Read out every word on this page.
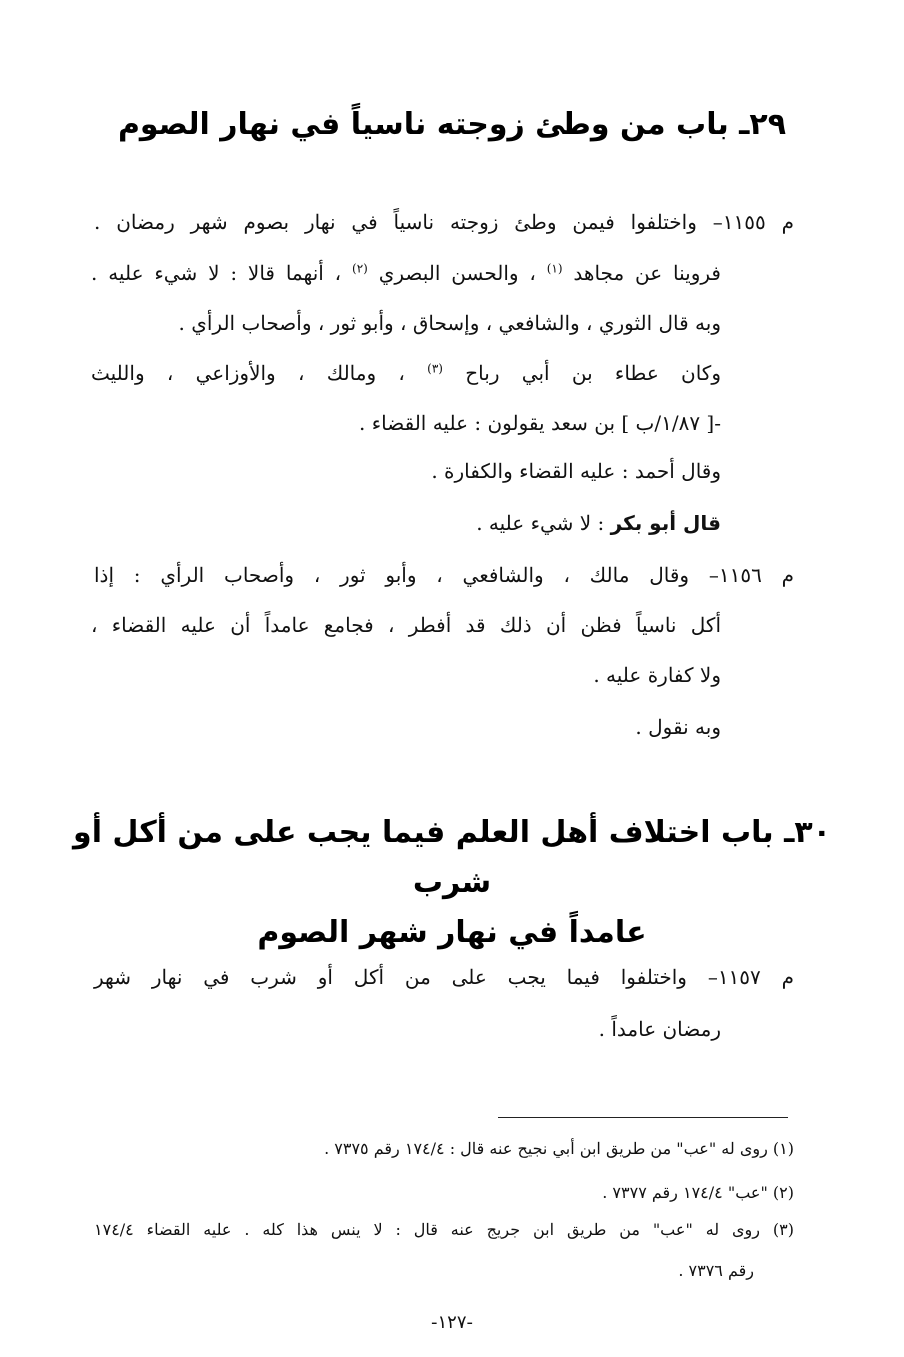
٢٩ـ باب من وطئ زوجته ناسياً في نهار الصوم
م ١١٥٥– واختلفوا فيمن وطئ زوجته ناسياً في نهار بصوم شهر رمضان .
فروينا عن مجاهد $^{(١)}$ ، والحسن البصري $^{(٢)}$ ، أنهما قالا : لا شيء عليه .
وبه قال الثوري ، والشافعي ، وإسحاق ، وأبو ثور ، وأصحاب الرأي .
وكان عطاء بن أبي رباح $^{(٣)}$ ، ومالك ، والأوزاعي ، والليث
-[ ١/٨٧/ب ] بن سعد يقولون : عليه القضاء .
وقال أحمد : عليه القضاء والكفارة .
قال أبو بكر : لا شيء عليه .
م ١١٥٦– وقال مالك ، والشافعي ، وأبو ثور ، وأصحاب الرأي : إذا
أكل ناسياً فظن أن ذلك قد أفطر ، فجامع عامداً أن عليه القضاء ،
ولا كفارة عليه .
وبه نقول .
٣٠ـ باب اختلاف أهل العلم فيما يجب على من أكل أو شرب
عامداً في نهار شهر الصوم
م ١١٥٧– واختلفوا فيما يجب على من أكل أو شرب في نهار شهر
رمضان عامداً .
(١) روى له "عب" من طريق ابن أبي نجيح عنه قال : ١٧٤/٤ رقم ٧٣٧٥ .
(٢) "عب" ١٧٤/٤ رقم ٧٣٧٧ .
(٣) روى له "عب" من طريق ابن جريج عنه قال : لا ينس هذا كله . عليه القضاء ١٧٤/٤
رقم ٧٣٧٦ .
-١٢٧-
